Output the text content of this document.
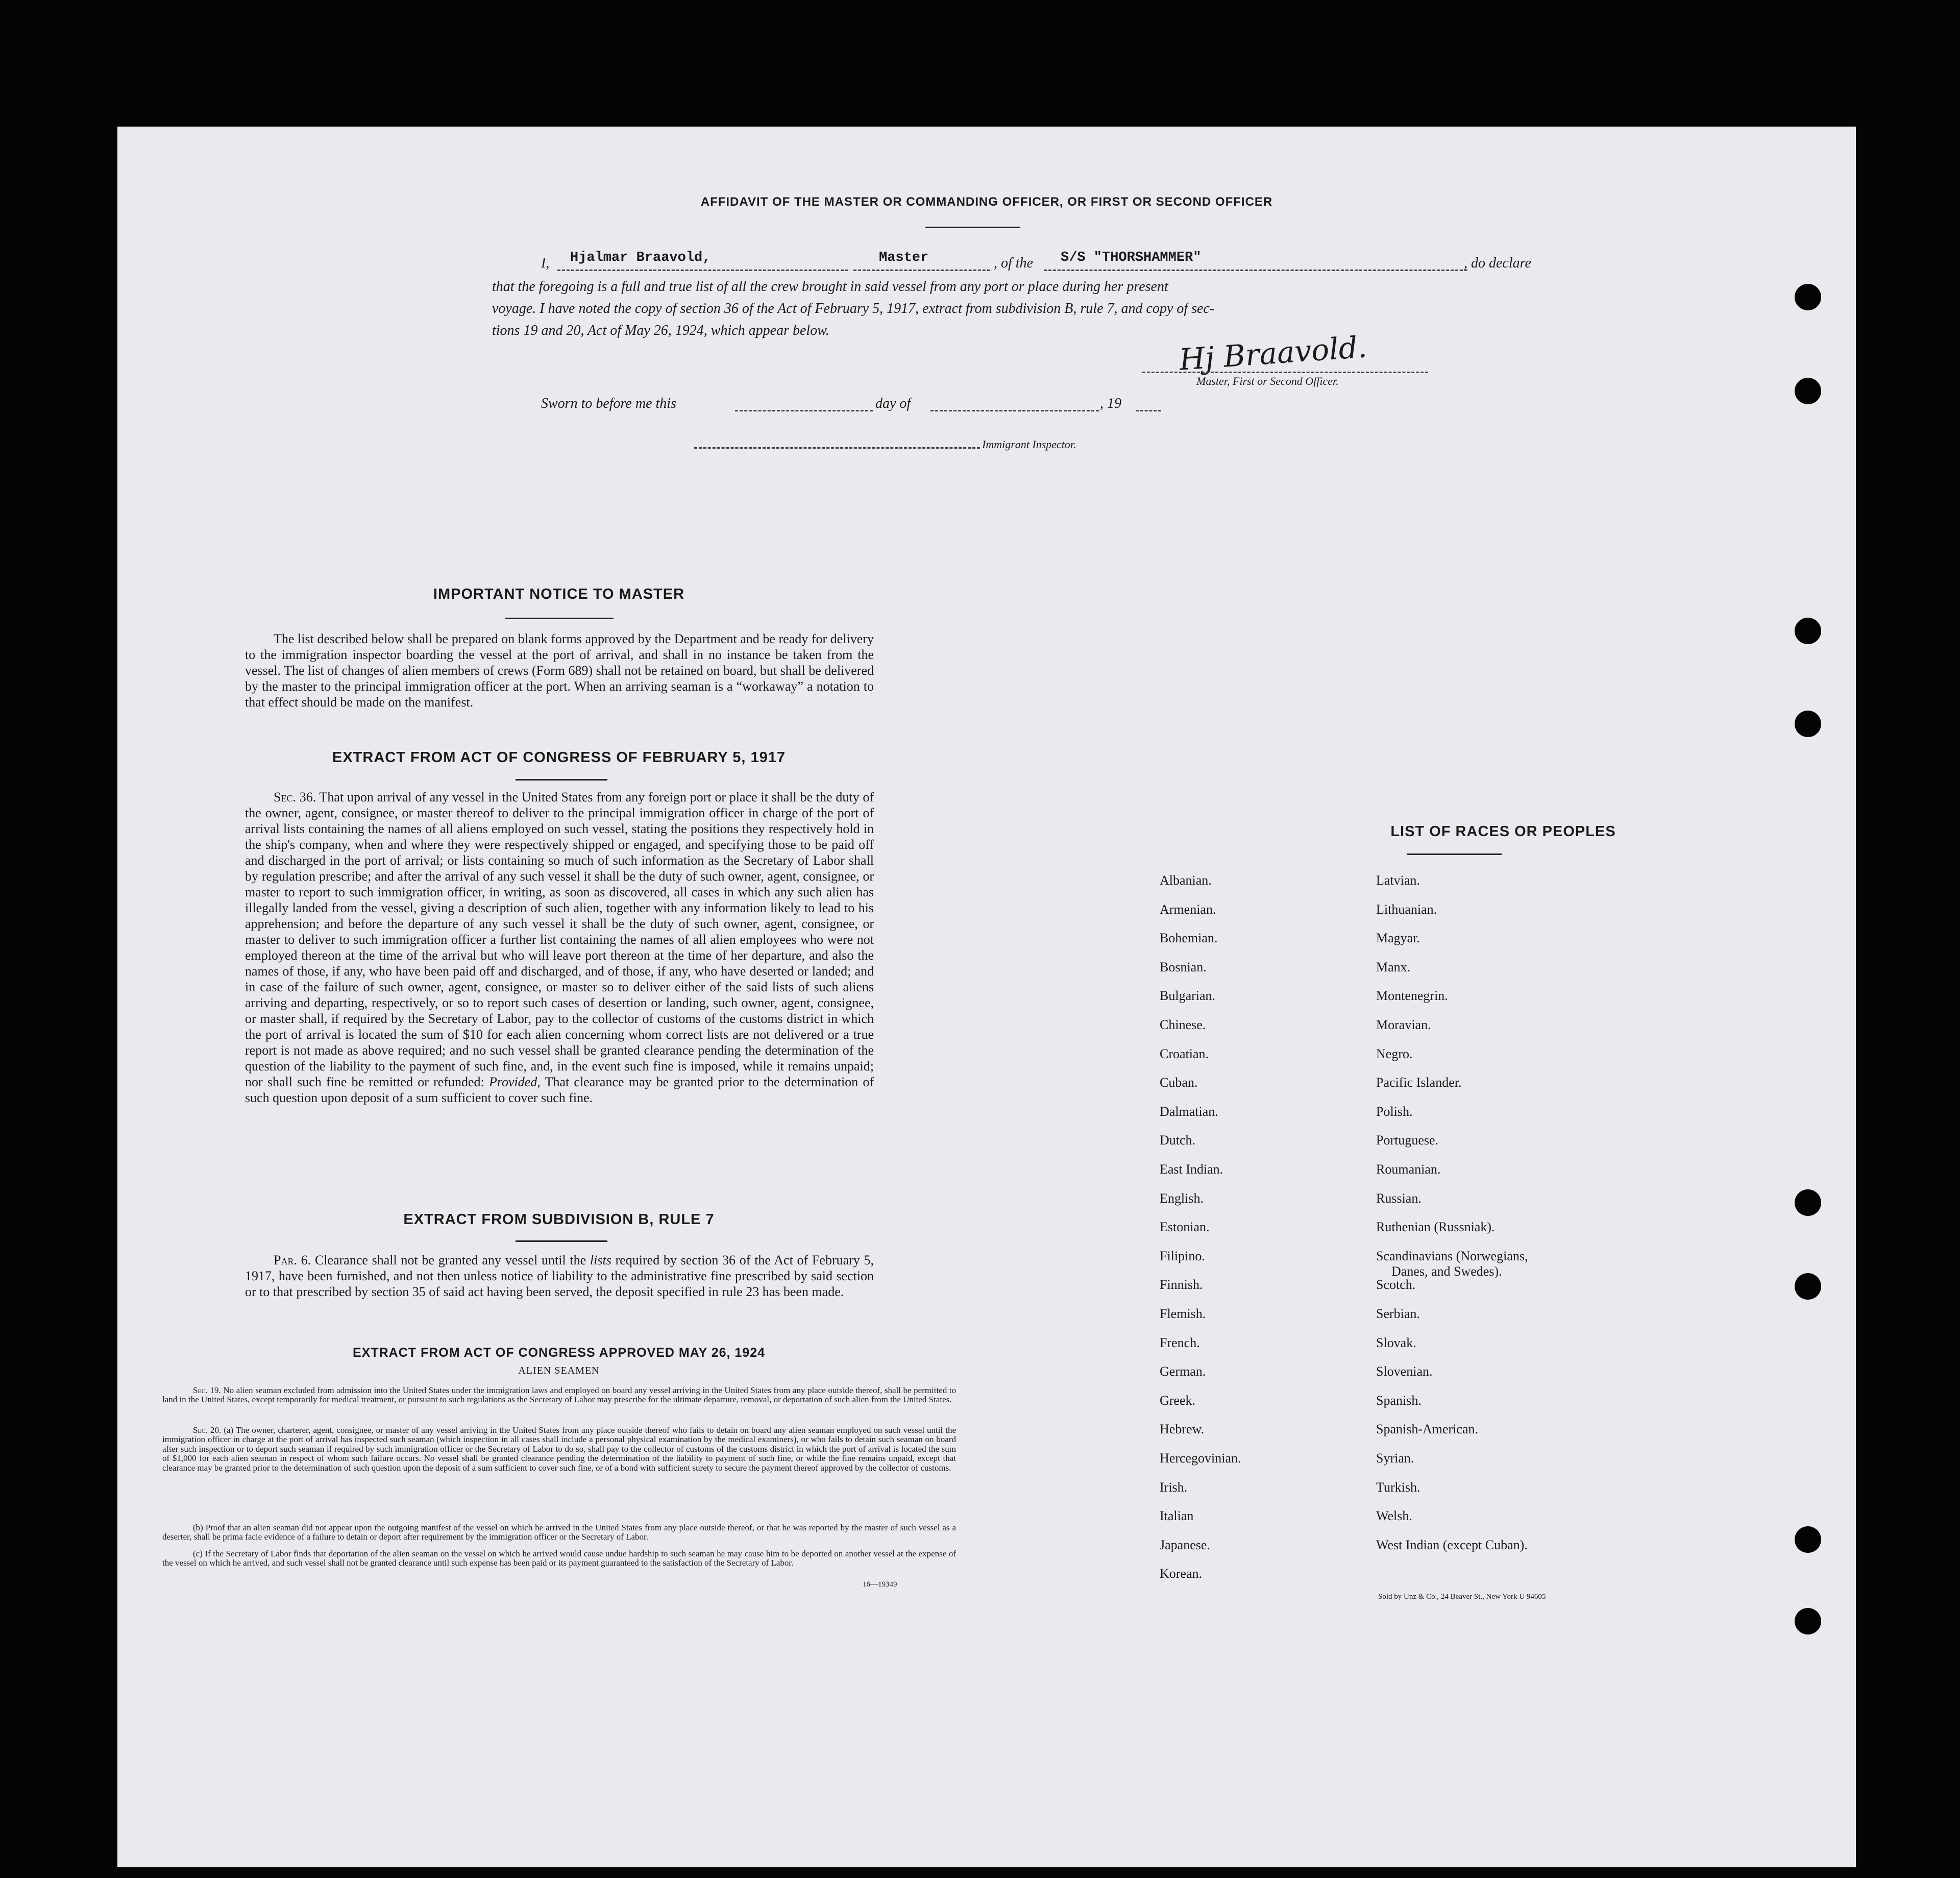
AFFIDAVIT OF THE MASTER OR COMMANDING OFFICER, OR FIRST OR SECOND OFFICER
I, Hjalmar Braavold,	Master	, of the S/S "THORSHAMMER"	, do declare
that the foregoing is a full and true list of all the crew brought in said vessel from any port or place during her present
voyage. I have noted the copy of section 36 of the Act of February 5, 1917, extract from subdivision B, rule 7, and copy of sec-
tions 19 and 20, Act of May 26, 1924, which appear below.	Hj Braavold.
Master, First or Second Officer.
Sworn to before me this	day of	, 19
Immigrant Inspector.
IMPORTANT NOTICE TO MASTER
The list described below shall be prepared on blank forms approved by the Department and be ready for delivery to the immigration inspector boarding the vessel at the port of arrival, and shall in no instance be taken from the vessel. The list of changes of alien members of crews (Form 689) shall not be retained on board, but shall be delivered by the master to the principal immigration officer at the port. When an arriving seaman is a “workaway” a notation to that effect should be made on the manifest.
EXTRACT FROM ACT OF CONGRESS OF FEBRUARY 5, 1917
Sec. 36. That upon arrival of any vessel in the United States from any foreign port or place it shall be the duty of the owner, agent, consignee, or master thereof to deliver to the principal immigration officer in charge of the port of arrival lists containing the names of all aliens employed on such vessel, stating the positions they respectively hold in the ship's company, when and where they were respectively shipped or engaged, and specifying those to be paid off and discharged in the port of arrival; or lists containing so much of such information as the Secretary of Labor shall by regulation prescribe; and after the arrival of any such vessel it shall be the duty of such owner, agent, consignee, or master to report to such immigration officer, in writing, as soon as discovered, all cases in which any such alien has illegally landed from the vessel, giving a description of such alien, together with any information likely to lead to his apprehension; and before the departure of any such vessel it shall be the duty of such owner, agent, consignee, or master to deliver to such immigration officer a further list containing the names of all alien employees who were not employed thereon at the time of the arrival but who will leave port thereon at the time of her departure, and also the names of those, if any, who have been paid off and discharged, and of those, if any, who have deserted or landed; and in case of the failure of such owner, agent, consignee, or master so to deliver either of the said lists of such aliens arriving and departing, respectively, or so to report such cases of desertion or landing, such owner, agent, consignee, or master shall, if required by the Secretary of Labor, pay to the collector of customs of the customs district in which the port of arrival is located the sum of $10 for each alien concerning whom correct lists are not delivered or a true report is not made as above required; and no such vessel shall be granted clearance pending the determination of the question of the liability to the payment of such fine, and, in the event such fine is imposed, while it remains unpaid; nor shall such fine be remitted or refunded: Provided, That clearance may be granted prior to the determination of such question upon deposit of a sum sufficient to cover such fine.
EXTRACT FROM SUBDIVISION B, RULE 7
Par. 6. Clearance shall not be granted any vessel until the lists required by section 36 of the Act of February 5, 1917, have been furnished, and not then unless notice of liability to the administrative fine prescribed by said section or to that prescribed by section 35 of said act having been served, the deposit specified in rule 23 has been made.
EXTRACT FROM ACT OF CONGRESS APPROVED MAY 26, 1924
ALIEN SEAMEN
Sec. 19. No alien seaman excluded from admission into the United States under the immigration laws and employed on board any vessel arriving in the United States from any place outside thereof, shall be permitted to land in the United States, except temporarily for medical treatment, or pursuant to such regulations as the Secretary of Labor may prescribe for the ultimate departure, removal, or deportation of such alien from the United States.
Sec. 20. (a) The owner, charterer, agent, consignee, or master of any vessel arriving in the United States from any place outside thereof who fails to detain on board any alien seaman employed on such vessel until the immigration officer in charge at the port of arrival has inspected such seaman (which inspection in all cases shall include a personal physical examination by the medical examiners), or who fails to detain such seaman on board after such inspection or to deport such seaman if required by such immigration officer or the Secretary of Labor to do so, shall pay to the collector of customs of the customs district in which the port of arrival is located the sum of $1,000 for each alien seaman in respect of whom such failure occurs. No vessel shall be granted clearance pending the determination of the liability to payment of such fine, or while the fine remains unpaid, except that clearance may be granted prior to the determination of such question upon the deposit of a sum sufficient to cover such fine, or of a bond with sufficient surety to secure the payment thereof approved by the collector of customs.
(b) Proof that an alien seaman did not appear upon the outgoing manifest of the vessel on which he arrived in the United States from any place outside thereof, or that he was reported by the master of such vessel as a deserter, shall be prima facie evidence of a failure to detain or deport after requirement by the immigration officer or the Secretary of Labor.
(c) If the Secretary of Labor finds that deportation of the alien seaman on the vessel on which he arrived would cause undue hardship to such seaman he may cause him to be deported on another vessel at the expense of the vessel on which he arrived, and such vessel shall not be granted clearance until such expense has been paid or its payment guaranteed to the satisfaction of the Secretary of Labor.
16—19349
LIST OF RACES OR PEOPLES
Albanian.
Armenian.
Bohemian.
Bosnian.
Bulgarian.
Chinese.
Croatian.
Cuban.
Dalmatian.
Dutch.
East Indian.
English.
Estonian.
Filipino.
Finnish.
Flemish.
French.
German.
Greek.
Hebrew.
Hercegovinian.
Irish.
Italian
Japanese.
Korean.
Latvian.
Lithuanian.
Magyar.
Manx.
Montenegrin.
Moravian.
Negro.
Pacific Islander.
Polish.
Portuguese.
Roumanian.
Russian.
Ruthenian (Russniak).
Scandinavians (Norwegians,
Danes, and Swedes).
Scotch.
Serbian.
Slovak.
Slovenian.
Spanish.
Spanish-American.
Syrian.
Turkish.
Welsh.
West Indian (except Cuban).
Sold by Unz & Co., 24 Beaver St., New York U 94605
